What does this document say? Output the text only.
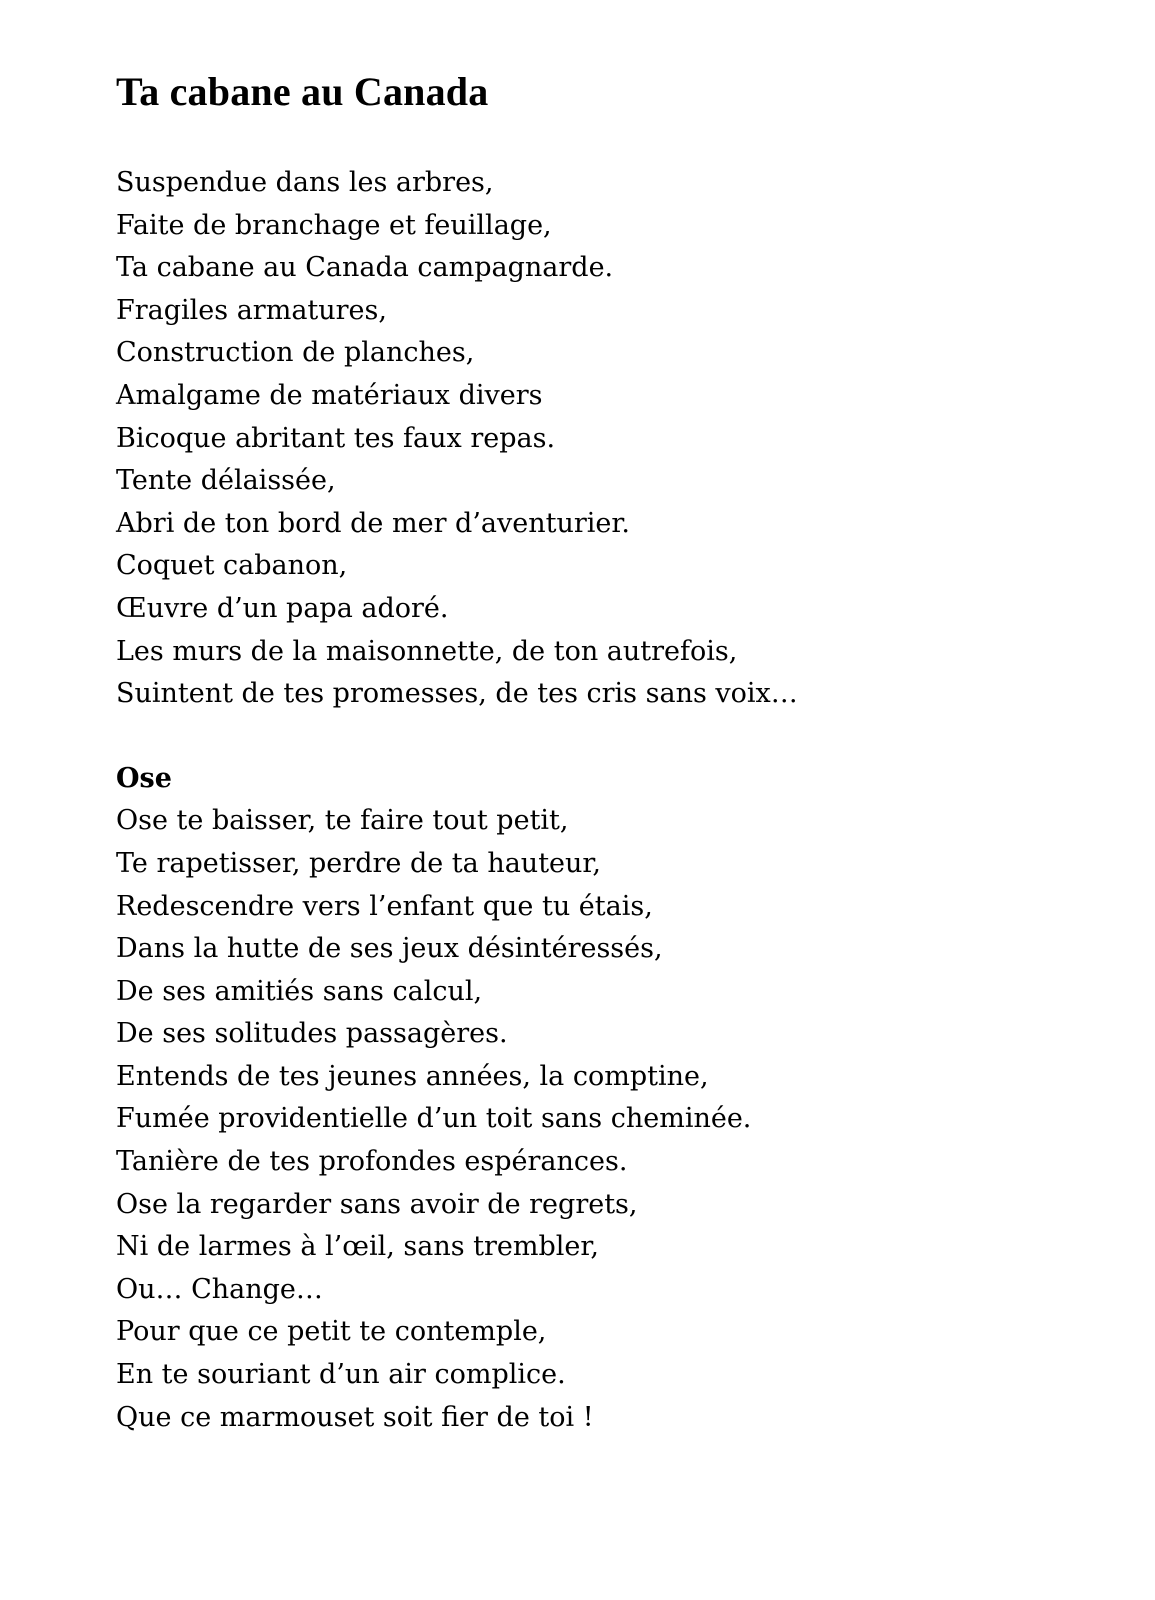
Ta cabane au Canada
Suspendue dans les arbres,
Faite de branchage et feuillage,
Ta cabane au Canada campagnarde.
Fragiles armatures,
Construction de planches,
Amalgame de matériaux divers
Bicoque abritant tes faux repas.
Tente délaissée,
Abri de ton bord de mer d’aventurier.
Coquet cabanon,
Œuvre d’un papa adoré.
Les murs de la maisonnette, de ton autrefois,
Suintent de tes promesses, de tes cris sans voix…
Ose
Ose te baisser, te faire tout petit,
Te rapetisser, perdre de ta hauteur,
Redescendre vers l’enfant que tu étais,
Dans la hutte de ses jeux désintéressés,
De ses amitiés sans calcul,
De ses solitudes passagères.
Entends de tes jeunes années, la comptine,
Fumée providentielle d’un toit sans cheminée.
Tanière de tes profondes espérances.
Ose la regarder sans avoir de regrets,
Ni de larmes à l’œil, sans trembler,
Ou… Change…
Pour que ce petit te contemple,
En te souriant d’un air complice.
Que ce marmouset soit fier de toi !
